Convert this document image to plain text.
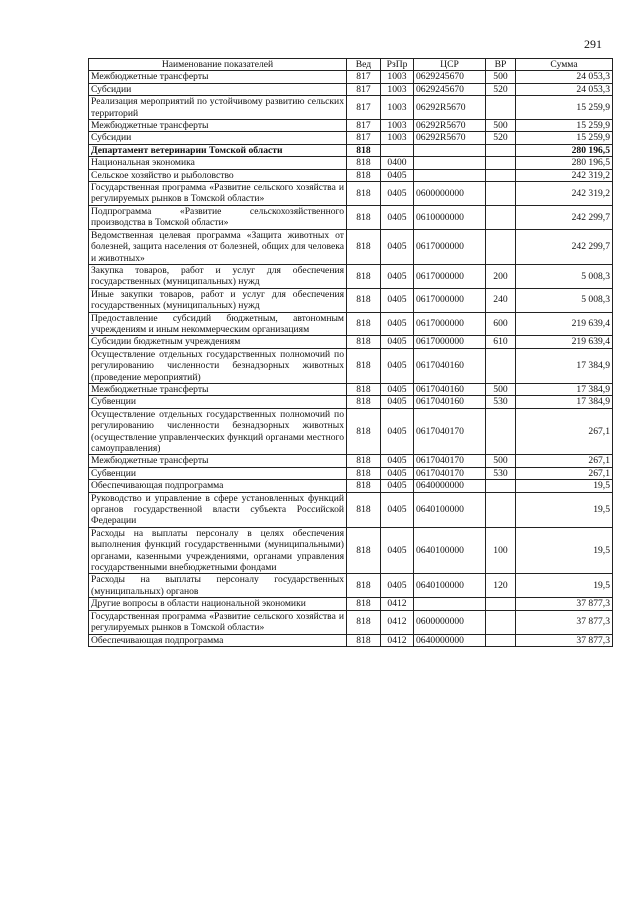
291
Наименование показателей	Вед	РзПр	ЦСР	ВР	Сумма
Межбюджетные трансферты	817	1003	0629245670	500	24 053,3
Субсидии	817	1003	0629245670	520	24 053,3
Реализация мероприятий по устойчивому развитию сельских территорий	817	1003	06292R5670		15 259,9
Межбюджетные трансферты	817	1003	06292R5670	500	15 259,9
Субсидии	817	1003	06292R5670	520	15 259,9
Департамент ветеринарии Томской области	818				280 196,5
Национальная экономика	818	0400			280 196,5
Сельское хозяйство и рыболовство	818	0405			242 319,2
Государственная программа «Развитие сельского хозяйства и регулируемых рынков в Томской области»	818	0405	0600000000		242 319,2
Подпрограмма «Развитие сельскохозяйственного производства в Томской области»	818	0405	0610000000		242 299,7
Ведомственная целевая программа «Защита животных от болезней, защита населения от болезней, общих для человека и животных»	818	0405	0617000000		242 299,7
Закупка товаров, работ и услуг для обеспечения государственных (муниципальных) нужд	818	0405	0617000000	200	5 008,3
Иные закупки товаров, работ и услуг для обеспечения государственных (муниципальных) нужд	818	0405	0617000000	240	5 008,3
Предоставление субсидий бюджетным, автономным учреждениям и иным некоммерческим организациям	818	0405	0617000000	600	219 639,4
Субсидии бюджетным учреждениям	818	0405	0617000000	610	219 639,4
Осуществление отдельных государственных полномочий по регулированию численности безнадзорных животных (проведение мероприятий)	818	0405	0617040160		17 384,9
Межбюджетные трансферты	818	0405	0617040160	500	17 384,9
Субвенции	818	0405	0617040160	530	17 384,9
Осуществление отдельных государственных полномочий по регулированию численности безнадзорных животных (осуществление управленческих функций органами местного самоуправления)	818	0405	0617040170		267,1
Межбюджетные трансферты	818	0405	0617040170	500	267,1
Субвенции	818	0405	0617040170	530	267,1
Обеспечивающая подпрограмма	818	0405	0640000000		19,5
Руководство и управление в сфере установленных функций органов государственной власти субъекта Российской Федерации	818	0405	0640100000		19,5
Расходы на выплаты персоналу в целях обеспечения выполнения функций государственными (муниципальными) органами, казенными учреждениями, органами управления государственными внебюджетными фондами	818	0405	0640100000	100	19,5
Расходы на выплаты персоналу государственных (муниципальных) органов	818	0405	0640100000	120	19,5
Другие вопросы в области национальной экономики	818	0412			37 877,3
Государственная программа «Развитие сельского хозяйства и регулируемых рынков в Томской области»	818	0412	0600000000		37 877,3
Обеспечивающая подпрограмма	818	0412	0640000000		37 877,3
